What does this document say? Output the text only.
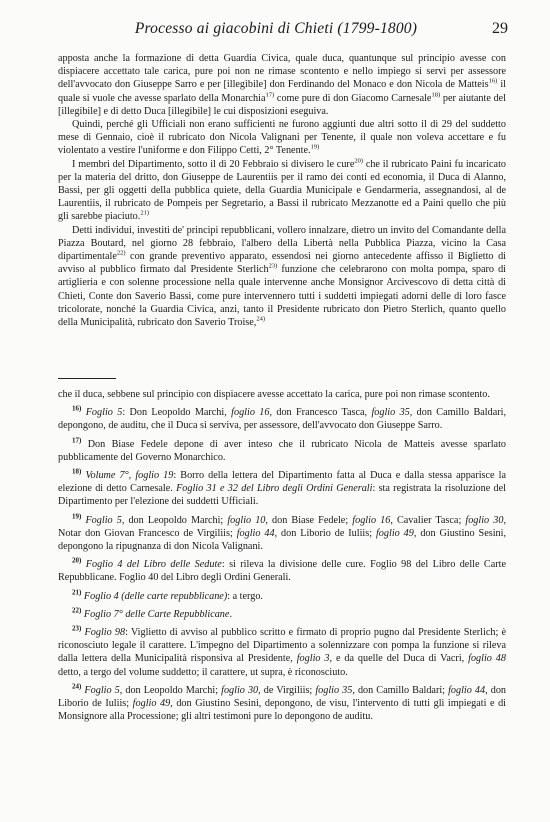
Processo ai giacobini di Chieti (1799-1800)	29

apposta anche la formazione di detta Guardia Civica, quale duca, quantunque sul principio avesse con dispiacere accettato tale carica, pure poi non ne rimase scontento e nello impiego si servì per assessore dell'avvocato don Giuseppe Sarro e per [illegibile] don Ferdinando del Monaco e don Nicola de Matteis$^{16)}$ il quale si vuole che avesse sparlato della Monarchia$^{17)}$ come pure di don Giacomo Carnesale$^{18)}$ per aiutante del [illegibile] e di detto Duca [illegibile] le cui disposizioni eseguiva.

Quindi, perché gli Ufficiali non erano sufficienti ne furono aggiunti due altri sotto il dì 29 del suddetto mese di Gennaio, cioè il rubricato don Nicola Valignani per Tenente, il quale non voleva accettare e fu violentato a vestire l'uniforme e don Filippo Cetti, 2° Tenente.$^{19)}$

I membri del Dipartimento, sotto il dì 20 Febbraio si divisero le cure$^{20)}$ che il rubricato Paini fu incaricato per la materia del dritto, don Giuseppe de Laurentiis per il ramo dei conti ed economia, il Duca di Alanno, Bassi, per gli oggetti della pubblica quiete, della Guardia Municipale e Gendarmeria, assegnandosi, al de Laurentiis, il rubricato de Pompeis per Segretario, a Bassi il rubricato Mezzanotte ed a Paini quello che più gli sarebbe piaciuto.$^{21)}$

Detti individui, investiti de' principi repubblicani, vollero innalzare, dietro un invito del Comandante della Piazza Boutard, nel giorno 28 febbraio, l'albero della Libertà nella Pubblica Piazza, vicino la Casa dipartimentale$^{22)}$ con grande preventivo apparato, essendosi nei giorno antecedente affisso il Biglietto di avviso al pubblico firmato dal Presidente Sterlich$^{23)}$ funzione che celebrarono con molta pompa, sparo di artiglieria e con solenne processione nella quale intervenne anche Monsignor Arcivescovo di detta città di Chieti, Conte don Saverio Bassi, come pure intervennero tutti i suddetti impiegati adorni delle di loro fasce tricolorate, nonché la Guardia Civica, anzi, tanto il Presidente rubricato don Pietro Sterlich, quanto quello della Municipalità, rubricato don Saverio Troise,$^{24)}$

che il duca, sebbene sul principio con dispiacere avesse accettato la carica, pure poi non rimase scontento.

$^{16)}$ Foglio 5: Don Leopoldo Marchi, foglio 16, don Francesco Tasca, foglio 35, don Camillo Baldari, depongono, de auditu, che il Duca si serviva, per assessore, dell'avvocato don Giuseppe Sarro.

$^{17)}$ Don Biase Fedele depone di aver inteso che il rubricato Nicola de Matteis avesse sparlato pubblicamente del Governo Monarchico.

$^{18)}$ Volume 7°, foglio 19: Borro della lettera del Dipartimento fatta al Duca e dalla stessa apparisce la elezione di detto Carnesale. Foglio 31 e 32 del Libro degli Ordini Generali: sta registrata la risoluzione del Dipartimento per l'elezione dei suddetti Ufficiali.

$^{19)}$ Foglio 5, don Leopoldo Marchi; foglio 10, don Biase Fedele; foglio 16, Cavalier Tasca; foglio 30, Notar don Giovan Francesco de Virgiliis; foglio 44, don Liborio de Iuliis; foglio 49, don Giustino Sesini, depongono la ripugnanza di don Nicola Valignani.

$^{20)}$ Foglio 4 del Libro delle Sedute: si rileva la divisione delle cure. Foglio 98 del Libro delle Carte Repubblicane. Foglio 40 del Libro degli Ordini Generali.

$^{21)}$ Foglio 4 (delle carte repubblicane): a tergo.

$^{22)}$ Foglio 7° delle Carte Repubblicane.

$^{23)}$ Foglio 98: Viglietto di avviso al pubblico scritto e firmato di proprio pugno dal Presidente Sterlich; è riconosciuto legale il carattere. L'impegno del Dipartimento a solennizzare con pompa la funzione si rileva dalla lettera della Municipalità risponsiva al Presidente, foglio 3, e da quelle del Duca di Vacri, foglio 48 detto, a tergo del volume suddetto; il carattere, ut supra, è riconosciuto.

$^{24)}$ Foglio 5, don Leopoldo Marchi; foglio 30, de Virgiliis; foglio 35, don Camillo Baldari; foglio 44, don Liborio de Iuliis; foglio 49, don Giustino Sesini, depongono, de visu, l'intervento di tutti gli impiegati e di Monsignore alla Processione; gli altri testimoni pure lo depongono de auditu.
